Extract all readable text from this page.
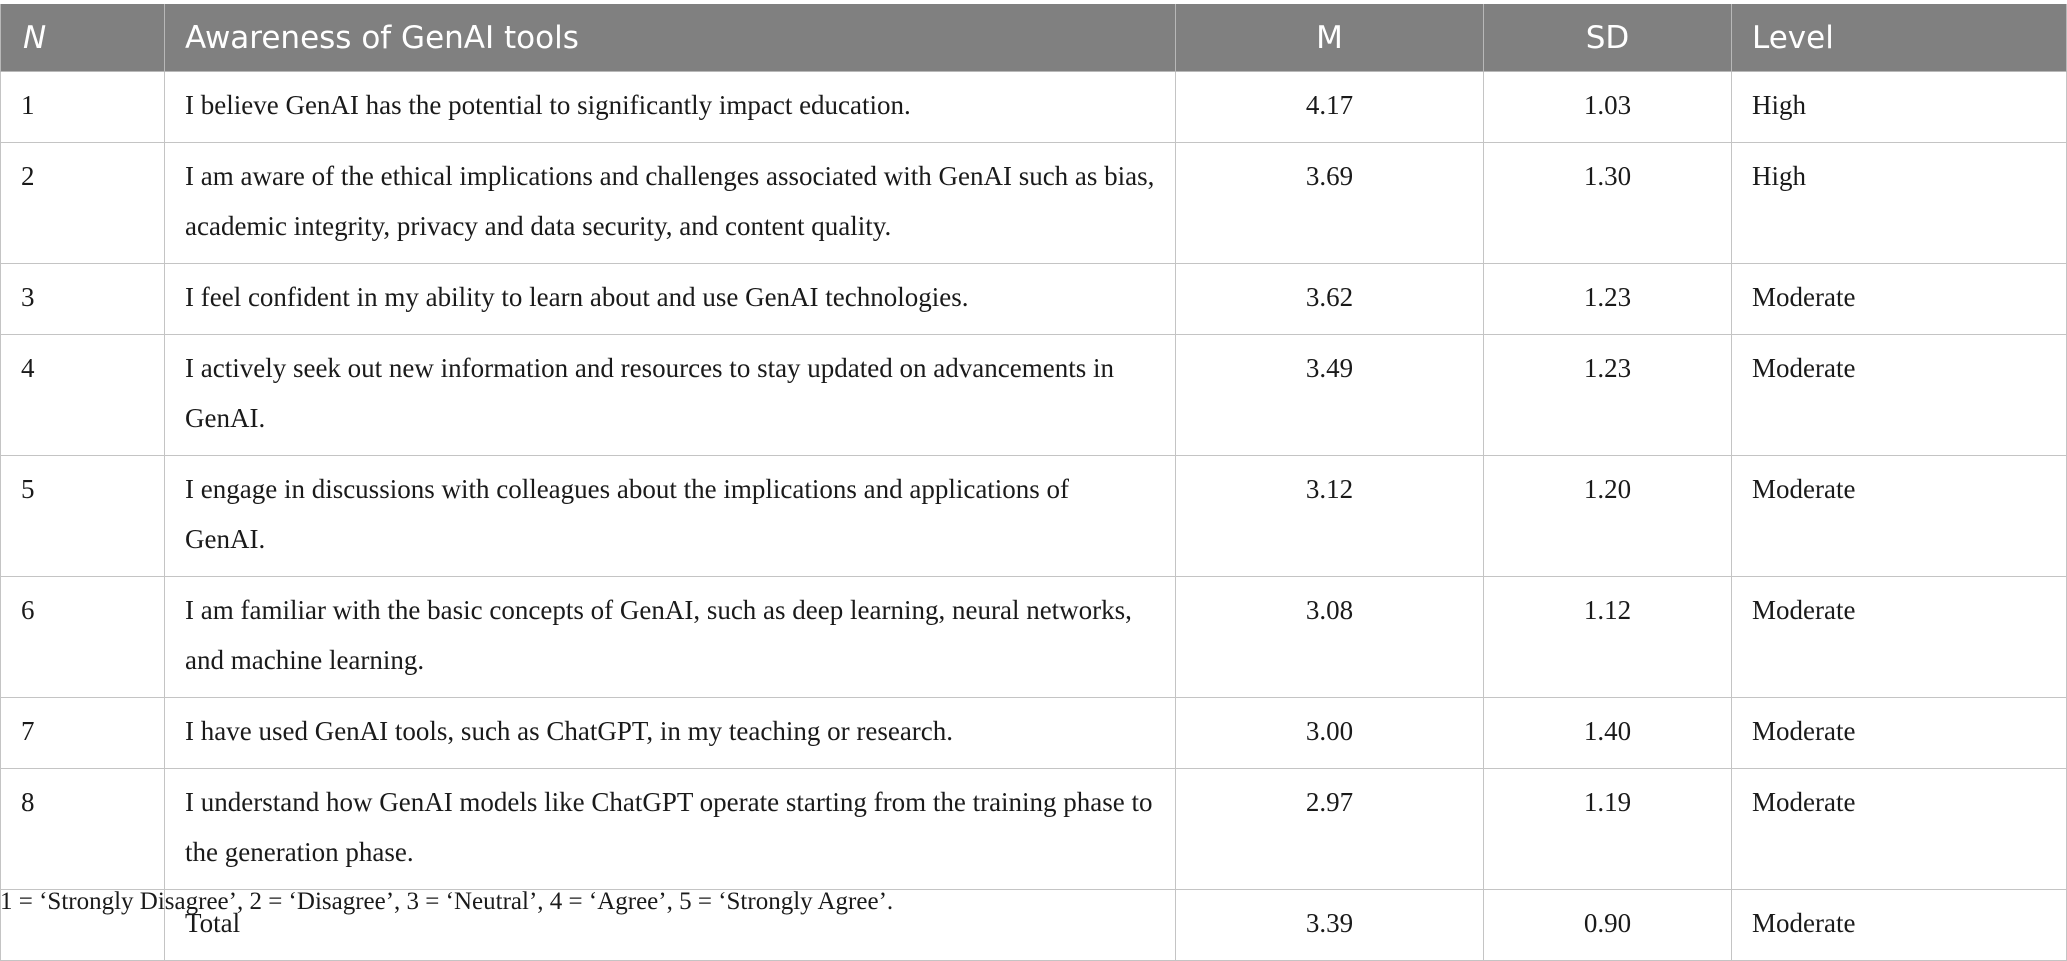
N	Awareness of GenAI tools	M	SD	Level

1	I believe GenAI has the potential to significantly impact education.	4.17	1.03	High

2	I am aware of the ethical implications and challenges associated with GenAI such as bias, academic integrity, privacy and data security, and content quality.	3.69	1.30	High

3	I feel confident in my ability to learn about and use GenAI technologies.	3.62	1.23	Moderate

4	I actively seek out new information and resources to stay updated on advancements in GenAI.	3.49	1.23	Moderate

5	I engage in discussions with colleagues about the implications and applications of GenAI.	3.12	1.20	Moderate

6	I am familiar with the basic concepts of GenAI, such as deep learning, neural networks, and machine learning.	3.08	1.12	Moderate

7	I have used GenAI tools, such as ChatGPT, in my teaching or research.	3.00	1.40	Moderate

8	I understand how GenAI models like ChatGPT operate starting from the training phase to the generation phase.	2.97	1.19	Moderate

	Total	3.39	0.90	Moderate
1 = ‘Strongly Disagree’, 2 = ‘Disagree’, 3 = ‘Neutral’, 4 = ‘Agree’, 5 = ‘Strongly Agree’.
